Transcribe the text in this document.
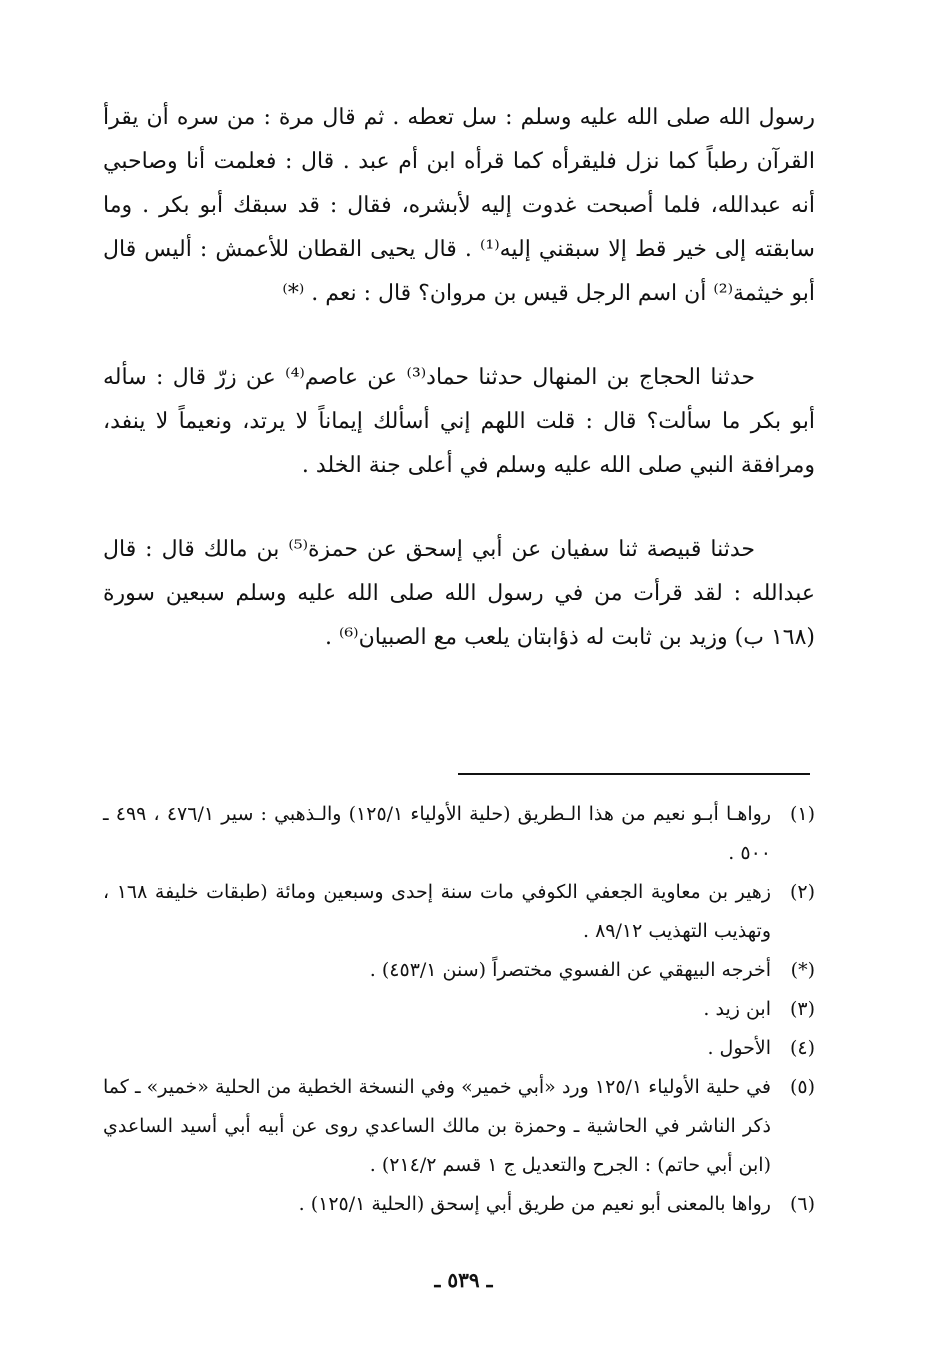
رسول الله صلى الله عليه وسلم : سل تعطه . ثم قال مرة : من سره أن يقرأ القرآن رطباً كما نزل فليقرأه كما قرأه ابن أم عبد . قال : فعلمت أنا وصاحبي أنه عبدالله، فلما أصبحت غدوت إليه لأبشره، فقال : قد سبقك أبو بكر . وما سابقته إلى خير قط إلا سبقني إليه⁽¹⁾ . قال يحيى القطان للأعمش : أليس قال أبو خيثمة⁽²⁾ أن اسم الرجل قيس بن مروان؟ قال : نعم . ⁽*⁾

حدثنا الحجاج بن المنهال حدثنا حماد⁽³⁾ عن عاصم⁽⁴⁾ عن زرّ قال : سأله أبو بكر ما سألت؟ قال : قلت اللهم إني أسألك إيماناً لا يرتد، ونعيماً لا ينفد، ومرافقة النبي صلى الله عليه وسلم في أعلى جنة الخلد .

حدثنا قبيصة ثنا سفيان عن أبي إسحق عن حمزة⁽⁵⁾ بن مالك قال : قال عبدالله : لقد قرأت من في رسول الله صلى الله عليه وسلم سبعين سورة (١٦٨ ب) وزيد بن ثابت له ذؤابتان يلعب مع الصبيان⁽⁶⁾ .

(١)
رواهـا أبـو نعيم من هذا الـطريق (حلية الأولياء ١٢٥/١) والـذهبي : سير ٤٧٦/١ ، ٤٩٩ ـ ٥٠٠ .
(٢)
زهير بن معاوية الجعفي الكوفي مات سنة إحدى وسبعين ومائة (طبقات خليفة ١٦٨ ، وتهذيب التهذيب ٨٩/١٢ .
(*)
أخرجه البيهقي عن الفسوي مختصراً (سنن ٤٥٣/١) .
(٣)
ابن زيد .
(٤)
الأحول .
(٥)
في حلية الأولياء ١٢٥/١ ورد «أبي خمير» وفي النسخة الخطية من الحلية «خمير» ـ كما ذكر الناشر في الحاشية ـ وحمزة بن مالك الساعدي روى عن أبيه أبي أسيد الساعدي (ابن أبي حاتم) : الجرح والتعديل ج ١ قسم ٢١٤/٢) .
(٦)
رواها بالمعنى أبو نعيم من طريق أبي إسحق (الحلية ١٢٥/١) .
ـ ٥٣٩ ـ
